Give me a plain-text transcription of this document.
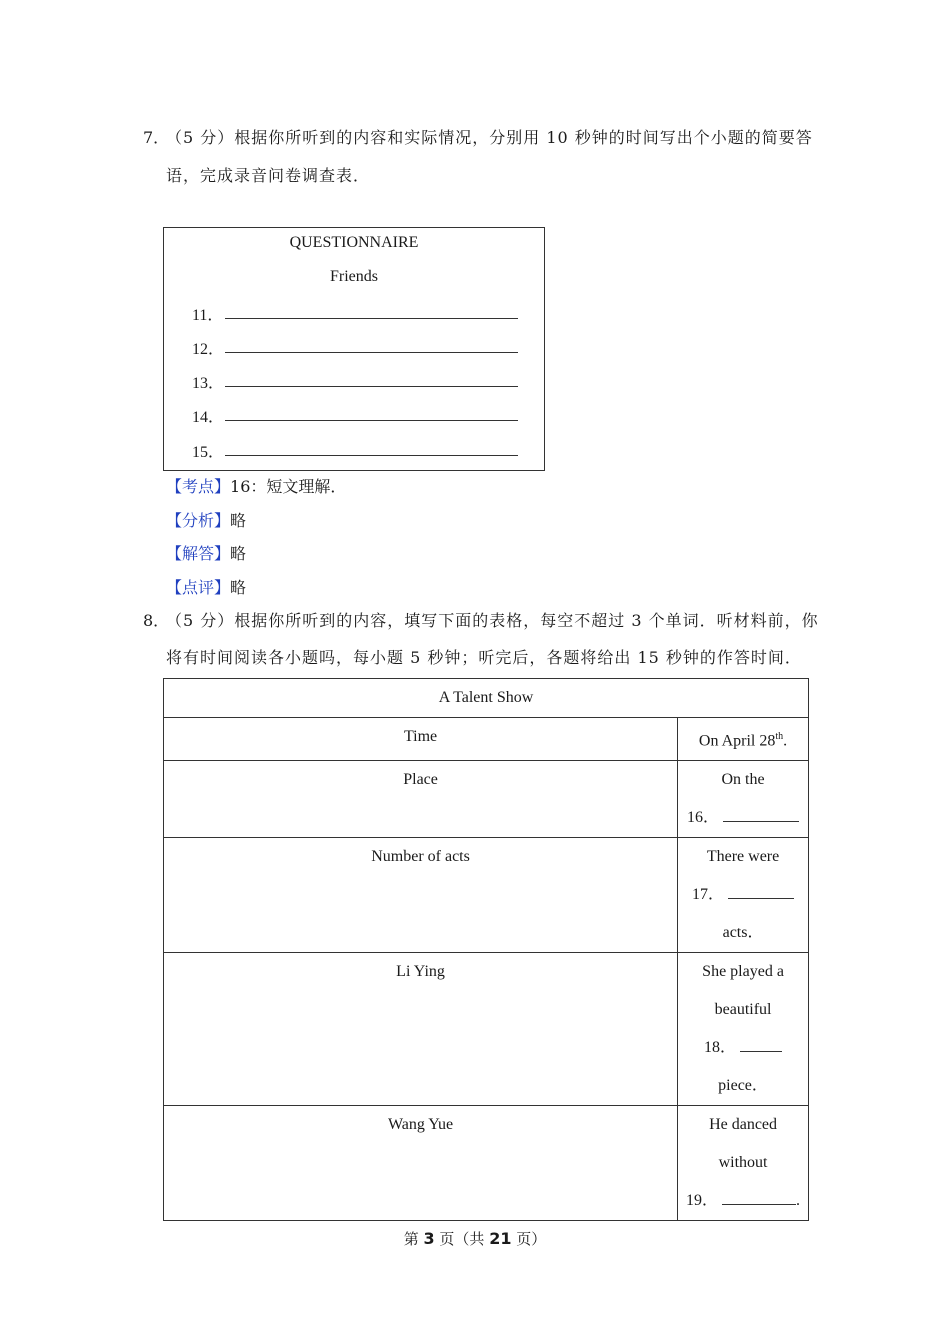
7．
（5 分）根据你所听到的内容和实际情况，分别用 10 秒钟的时间写出个小题的简要答
语，完成录音问卷调查表．
QUESTIONNAIRE
Friends
11．
12．
13．
14．
15．
【考点】16：短文理解．
【分析】略
【解答】略
【点评】略
8．
（5 分）根据你所听到的内容，填写下面的表格，每空不超过 3 个单词．听材料前，你
将有时间阅读各小题吗，每小题 5 秒钟；听完后，各题将给出 15 秒钟的作答时间．
A Talent Show	

Time	On April 28th.

Place	On the
16．

Number of acts	There were
17．
acts．

Li Ying	She played a
beautiful
18．
piece．

Wang Yue	He danced
without
19． .
第 3 页（共 21 页）
